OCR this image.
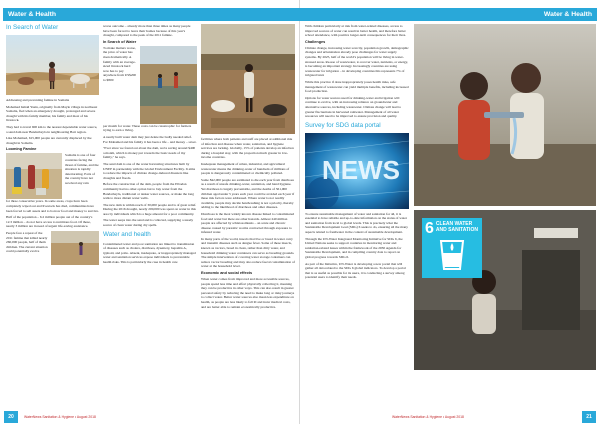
Water & Health
In Search of Water

Addressing and preventing famine in Somalia

Mohamed Ismail Yasin, originally from Mayle village in northeast Somalia, fled when an emergency drought, prolonged and severe drought with his family member, his family and most of his livestock.

They had to travel 600 km to the nearest dependable water source, a sand dam near Bandarbeyla in neighbouring Bari region.

Like Mohamed, 615,000 people are currently displaced by the drought in Somalia.

Looming Famine

Somalia is one of four countries facing the threat of famine, and the situation is rapidly deteriorating. Parts of the country have not received any rain

for three consecutive years. In some areas, crops have been completely wiped out and livestock has died, communities have been forced to sell assets and to borrow food and money to survive.

Half of the population – 6.2 million people out of the country's 12.3 million – do not have access to nutritious food. Of these, nearly 3 million are in need of urgent life-saving assistance.

People face a repeat of the 2011 famine that killed nearly 260,000 people, half of them children. The current situation could potentially evolve

worse outcome – already more than three times as many people have been forced to leave their homes because of this year's drought, compared to the peak of the 2011 famine.

In Search of Water

To make matters worse, the price of water has risen dramatically. A family with an average-sized livestock herd now has to pay anywhere from US$200 to $800

per month for water. These costs can be catastrophic for farmers trying to earn a living.

A neatly built water dam may just delete the badly needed relief. For Mohamed and his family it has been a life – and money – saver.

"Ever since we found out about the dam, we're saving around $400 a month, which is money put towards the basic needs of my family," he says.

The sand dam is one of the water harvesting structures built by UNEP in partnership with the Global Environment Facility. It aims to reduce the impacts of climate change-induced disasters like droughts and floods.

Before the construction of the dam, people from the Elbadan community had no other option but to buy water from the Bandarbeyla, traditional or tanker water sources, or make the long walk to more distant water wells.

The new dam is within reach of 30,000 people and is of great relief. During the 2016 drought, nearly 200,000 was spent on water in this area by individuals which is a huge amount for a poor community.

The water seeps into the sand and is collected, supplying a steady source of clean water during dry spells.

Water and health

Contaminated water and poor sanitation are linked to transmission of diseases such as cholera, diarrhoea, dysentery, hepatitis A, typhoid, and polio. Absent, inadequate, or inappropriately managed water and sanitation services expose individuals to preventable health risks. This is particularly the case in health care

facilities where both patients and staff are placed at additional risk of infection and disease when water, sanitation, and hygiene services are lacking. Globally, 15% of patients develop an infection during a hospital stay, with the proportion much greater in low-income countries.

Inadequate management of urban, industrial, and agricultural wastewater means the drinking-water of hundreds of millions of people is dangerously contaminated or chemically polluted.

Some 842,000 people are estimated to die each year from diarrhoea as a result of unsafe drinking-water, sanitation, and hand hygiene. Yet diarrhoea is largely preventable, and the deaths of 361,000 children aged under 5 years each year could be avoided each year if these risk factors were addressed. Where water is not readily available, people may decide handwashing is not a priority, thereby adding to the likelihood of diarrhoea and other diseases.

Diarrhoea is the most widely known disease linked to contaminated food and water but there are other hazards. Almost 240 million people are affected by schistosomiasis – an acute and chronic disease caused by parasitic worms contracted through exposure to infested water.

In many parts of the world, insects that live or breed in water carry and transmit diseases such as dengue fever. Some of these insects, known as vectors, breed in clean, rather than dirty water, and household drinking water containers can serve as breeding grounds. The simple intervention of covering water storage containers can reduce vector breeding and may also reduce faecal contamination of water at the household level.

Economic and social effects

When water comes from improved and more accessible sources, people spend less time and effort physically collecting it, meaning they can be productive in other ways. This can also result in greater personal safety by reducing the need to make long or risky journeys to collect water. Better water sources also mean less expenditure on health, as people are less likely to fall ill and incur medical costs, and are better able to remain economically productive.

WaterNews Sanitation & Hygiene • August 2018
20
Water & Health

With children particularly at risk from water-related diseases, access to improved sources of water can result in better health, and therefore better school attendance, with positive longer-term consequences for their lives.

Challenges

Climate change, increasing water scarcity, population growth, demographic changes and urbanization already pose challenges for water supply systems. By 2025, half of the world's population will be living in water-stressed areas. Re-use of wastewater, to recover water, nutrients, or energy, is becoming an important strategy. Increasingly countries are using wastewater for irrigation – in developing countries this represents 7% of irrigated land.

While this practice if done inappropriately poses health risks, safe management of wastewater can yield multiple benefits, including increased food production.

Options for water sources used for drinking-water and irrigation will continue to evolve, with an increasing reliance on groundwater and alternative sources, including wastewater. Climate change will lead to greater fluctuations in harvested rainwater. Management of all water resources will need to be improved to ensure provision and quality.

Survey for SDG data portal
NEWS

To ensure sustainable management of water and sanitation for all, it is essential to have reliable and up-to-date information on the status of water and sanitation from local to global levels. This is precisely what the Sustainable Development Goal (SDG) 6 seeks to do, ensuring all the many aspects related to freshwater in the context of sustainable development.

Through the UN-Water Integrated Monitoring Initiative for SDG 6, the United Nations seeks to support countries in monitoring water and sanitation-related issues within the framework of the 2030 Agenda for Sustainable Development, and in compiling country data to report on global progress towards SDG 6.

As part of the Initiative, UN-Water is developing a new portal that will gather all data related to the SDG 6 global indicators. To develop a portal that is as useful as possible for its users, it is conducting a survey among potential users to identify their needs.

6 CLEAN WATER AND SANITATION
WaterNews Sanitation & Hygiene • August 2018	21
